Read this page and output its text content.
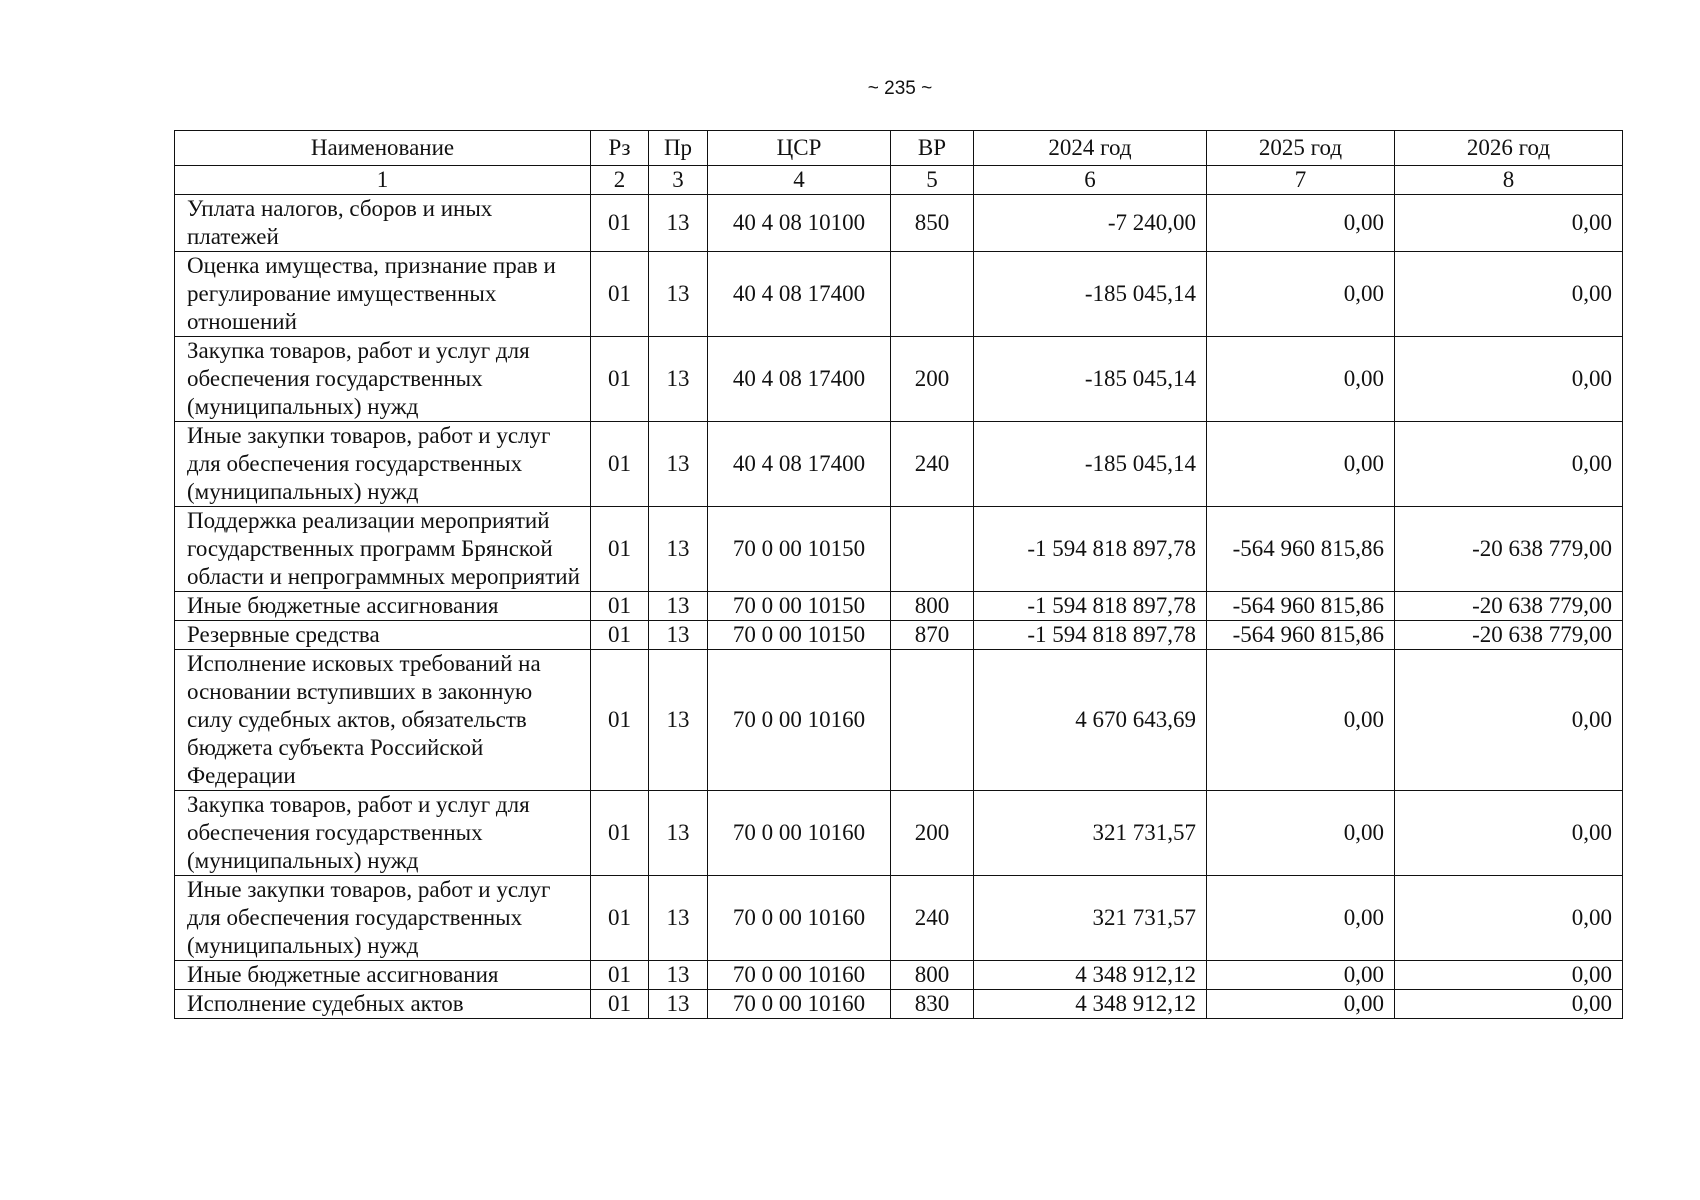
~ 235 ~
Наименование	Рз	Пр	ЦСР	ВР	2024 год	2025 год	2026 год
1	2	3	4	5	6	7	8
Уплата налогов, сборов и иных платежей	01	13	40 4 08 10100	850	-7 240,00	0,00	0,00
Оценка имущества, признание прав и регулирование имущественных отношений	01	13	40 4 08 17400		-185 045,14	0,00	0,00
Закупка товаров, работ и услуг для обеспечения государственных (муниципальных) нужд	01	13	40 4 08 17400	200	-185 045,14	0,00	0,00
Иные закупки товаров, работ и услуг для обеспечения государственных (муниципальных) нужд	01	13	40 4 08 17400	240	-185 045,14	0,00	0,00
Поддержка реализации мероприятий государственных программ Брянской области и непрограммных мероприятий	01	13	70 0 00 10150		-1 594 818 897,78	-564 960 815,86	-20 638 779,00
Иные бюджетные ассигнования	01	13	70 0 00 10150	800	-1 594 818 897,78	-564 960 815,86	-20 638 779,00
Резервные средства	01	13	70 0 00 10150	870	-1 594 818 897,78	-564 960 815,86	-20 638 779,00
Исполнение исковых требований на основании вступивших в законную силу судебных актов, обязательств бюджета субъекта Российской Федерации	01	13	70 0 00 10160		4 670 643,69	0,00	0,00
Закупка товаров, работ и услуг для обеспечения государственных (муниципальных) нужд	01	13	70 0 00 10160	200	321 731,57	0,00	0,00
Иные закупки товаров, работ и услуг для обеспечения государственных (муниципальных) нужд	01	13	70 0 00 10160	240	321 731,57	0,00	0,00
Иные бюджетные ассигнования	01	13	70 0 00 10160	800	4 348 912,12	0,00	0,00
Исполнение судебных актов	01	13	70 0 00 10160	830	4 348 912,12	0,00	0,00
